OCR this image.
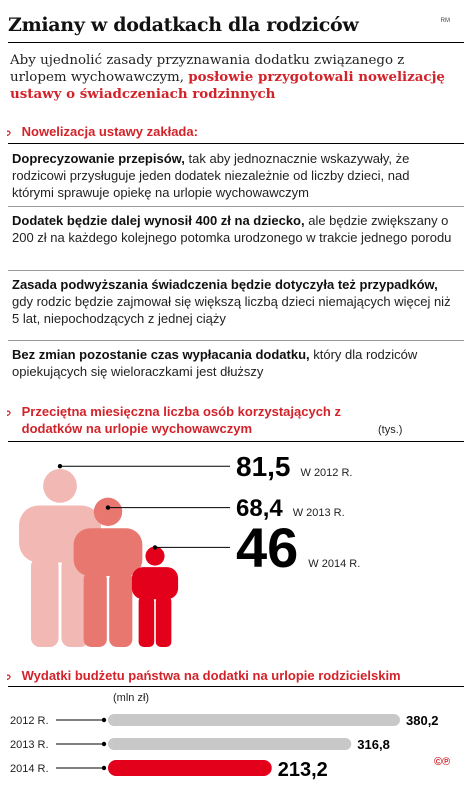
Zmiany w dodatkach dla rodziców	RM
Aby ujednolić zasady przyznawania dodatku związanego z urlopem wychowawczym, posłowie przygotowali nowelizację ustawy o świadczeniach rodzinnych
:› Nowelizacja ustawy zakłada:
Doprecyzowanie przepisów, tak aby jednoznacznie wskazywały, że rodzicowi przysługuje jeden dodatek niezależnie od liczby dzieci, nad którymi sprawuje opiekę na urlopie wychowawczym
Dodatek będzie dalej wynosił 400 zł na dziecko, ale będzie zwiększany o 200 zł na każdego kolejnego potomka urodzonego w trakcie jednego porodu
Zasada podwyższania świadczenia będzie dotyczyła też przypadków, gdy rodzic będzie zajmował się większą liczbą dzieci niemających więcej niż 5 lat, niepochodzących z jednej ciąży
Bez zmian pozostanie czas wypłacania dodatku, który dla rodziców opiekujących się wieloraczkami jest dłuższy
:› Przeciętna miesięczna liczba osób korzystających z dodatków na urlopie wychowawczym	(tys.)
81,5 W 2012 R.
68,4 W 2013 R.
46 W 2014 R.
:› Wydatki budżetu państwa na dodatki na urlopie rodzicielskim
(mln zł)
2012 R.	380,2
2013 R.	316,8
2014 R.	213,2	©℗
